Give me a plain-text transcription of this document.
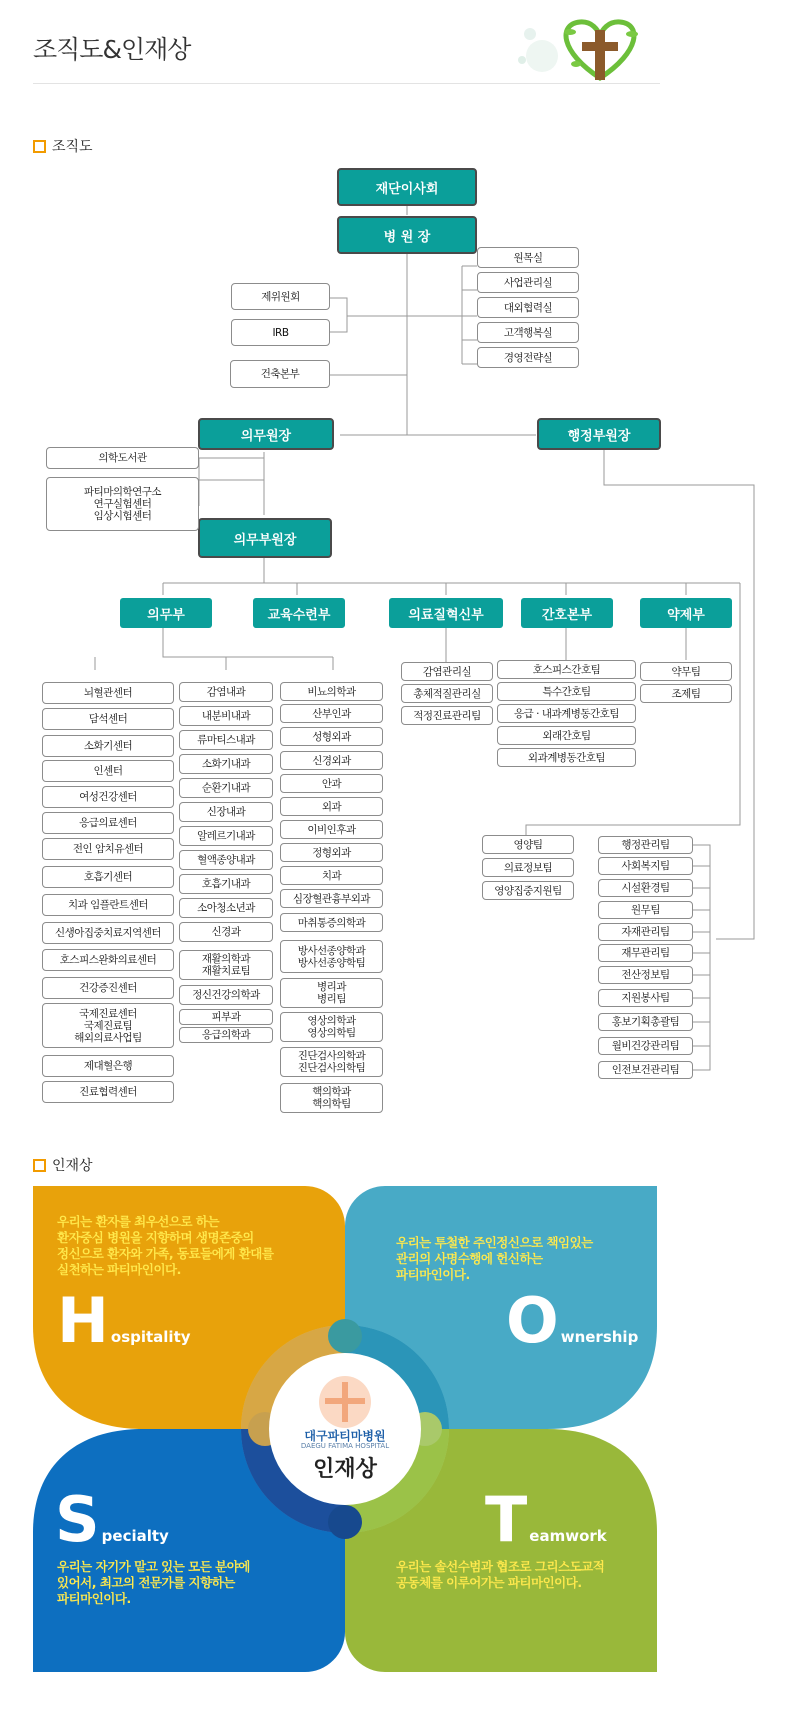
조직도&인재상
조직도
재단이사회
병 원 장
의무원장	행정부원장
의무부원장
제위원회
IRB
건축본부
원목실
사업관리실
대외협력실
고객행복실
경영전략실
의학도서관
파티마의학연구소
연구실험센터
임상시험센터
의무부	교육수련부	의료질혁신부	간호본부	약제부
뇌혈관센터
담석센터
소화기센터
인센터
여성건강센터
응급의료센터
전인 암치유센터
호흡기센터
치과 임플란트센터
신생아집중치료지역센터
호스피스완화의료센터
건강증진센터
국제진료센터
국제진료팀
해외의료사업팀
제대혈은행
진료협력센터
감염내과
내분비내과
류마티스내과
소화기내과
순환기내과
신장내과
알레르기내과
혈액종양내과
호흡기내과
소아청소년과
신경과
재활의학과
재활치료팀
정신건강의학과
피부과
응급의학과
비뇨의학과
산부인과
성형외과
신경외과
안과
외과
이비인후과
정형외과
치과
심장혈관흉부외과
마취통증의학과
방사선종양학과
방사선종양학팀
병리과
병리팀
영상의학과
영상의학팀
진단검사의학과
진단검사의학팀
핵의학과
핵의학팀
감염관리실
총체적질관리실
적정진료관리팀
호스피스간호팀
특수간호팀
응급 · 내과계병동간호팀
외래간호팀
외과계병동간호팀
약무팀
조제팀
영양팀
의료정보팀
영양집중지원팀
행정관리팀
사회복지팀
시설환경팀
원무팀
자재관리팀
재무관리팀
전산정보팀
지원봉사팀
홍보기획총괄팀
월비건강관리팀
인전보건관리팀
인재상
우리는 환자를 최우선으로 하는
환자중심 병원을 지향하며 생명존중의
정신으로 환자와 가족, 동료들에게 환대를
실천하는 파티마인이다.
H ospitality
우리는 투철한 주인정신으로 책임있는
관리의 사명수행에 헌신하는
파티마인이다.
O wnership
S pecialty
우리는 자기가 맡고 있는 모든 분야에
있어서, 최고의 전문가를 지향하는
파티마인이다.
T eamwork
우리는 솔선수범과 협조로 그리스도교적
공동체를 이루어가는 파티마인이다.
대구파티마병원
DAEGU FATIMA HOSPITAL
인재상
